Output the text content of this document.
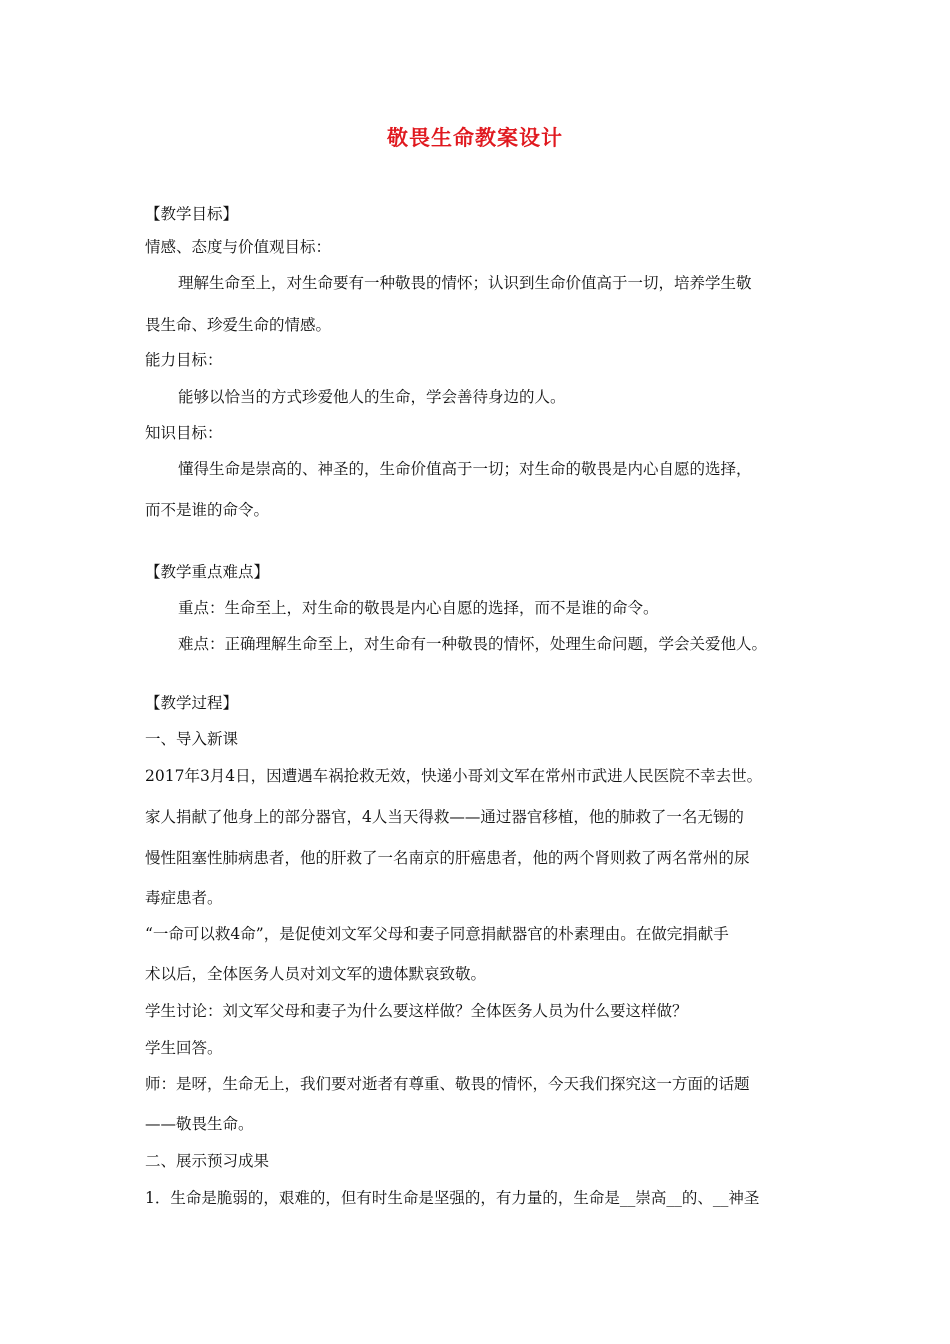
敬畏生命教案设计
【教学目标】
情感、态度与价值观目标：
理解生命至上，对生命要有一种敬畏的情怀；认识到生命价值高于一切，培养学生敬
畏生命、珍爱生命的情感。
能力目标：
能够以恰当的方式珍爱他人的生命，学会善待身边的人。
知识目标：
懂得生命是崇高的、神圣的，生命价值高于一切；对生命的敬畏是内心自愿的选择，
而不是谁的命令。
【教学重点难点】
重点：生命至上，对生命的敬畏是内心自愿的选择，而不是谁的命令。
难点：正确理解生命至上，对生命有一种敬畏的情怀，处理生命问题，学会关爱他人。
【教学过程】
一、导入新课
2017年3月4日，因遭遇车祸抢救无效，快递小哥刘文军在常州市武进人民医院不幸去世。
家人捐献了他身上的部分器官，4人当天得救——通过器官移植，他的肺救了一名无锡的
慢性阻塞性肺病患者，他的肝救了一名南京的肝癌患者，他的两个肾则救了两名常州的尿
毒症患者。
“一命可以救4命”，是促使刘文军父母和妻子同意捐献器官的朴素理由。在做完捐献手
术以后，全体医务人员对刘文军的遗体默哀致敬。
学生讨论：刘文军父母和妻子为什么要这样做？全体医务人员为什么要这样做？
学生回答。
师：是呀，生命无上，我们要对逝者有尊重、敬畏的情怀，今天我们探究这一方面的话题
——敬畏生命。
二、展示预习成果
1．生命是脆弱的，艰难的，但有时生命是坚强的，有力量的，生命是__崇高__的、__神圣
